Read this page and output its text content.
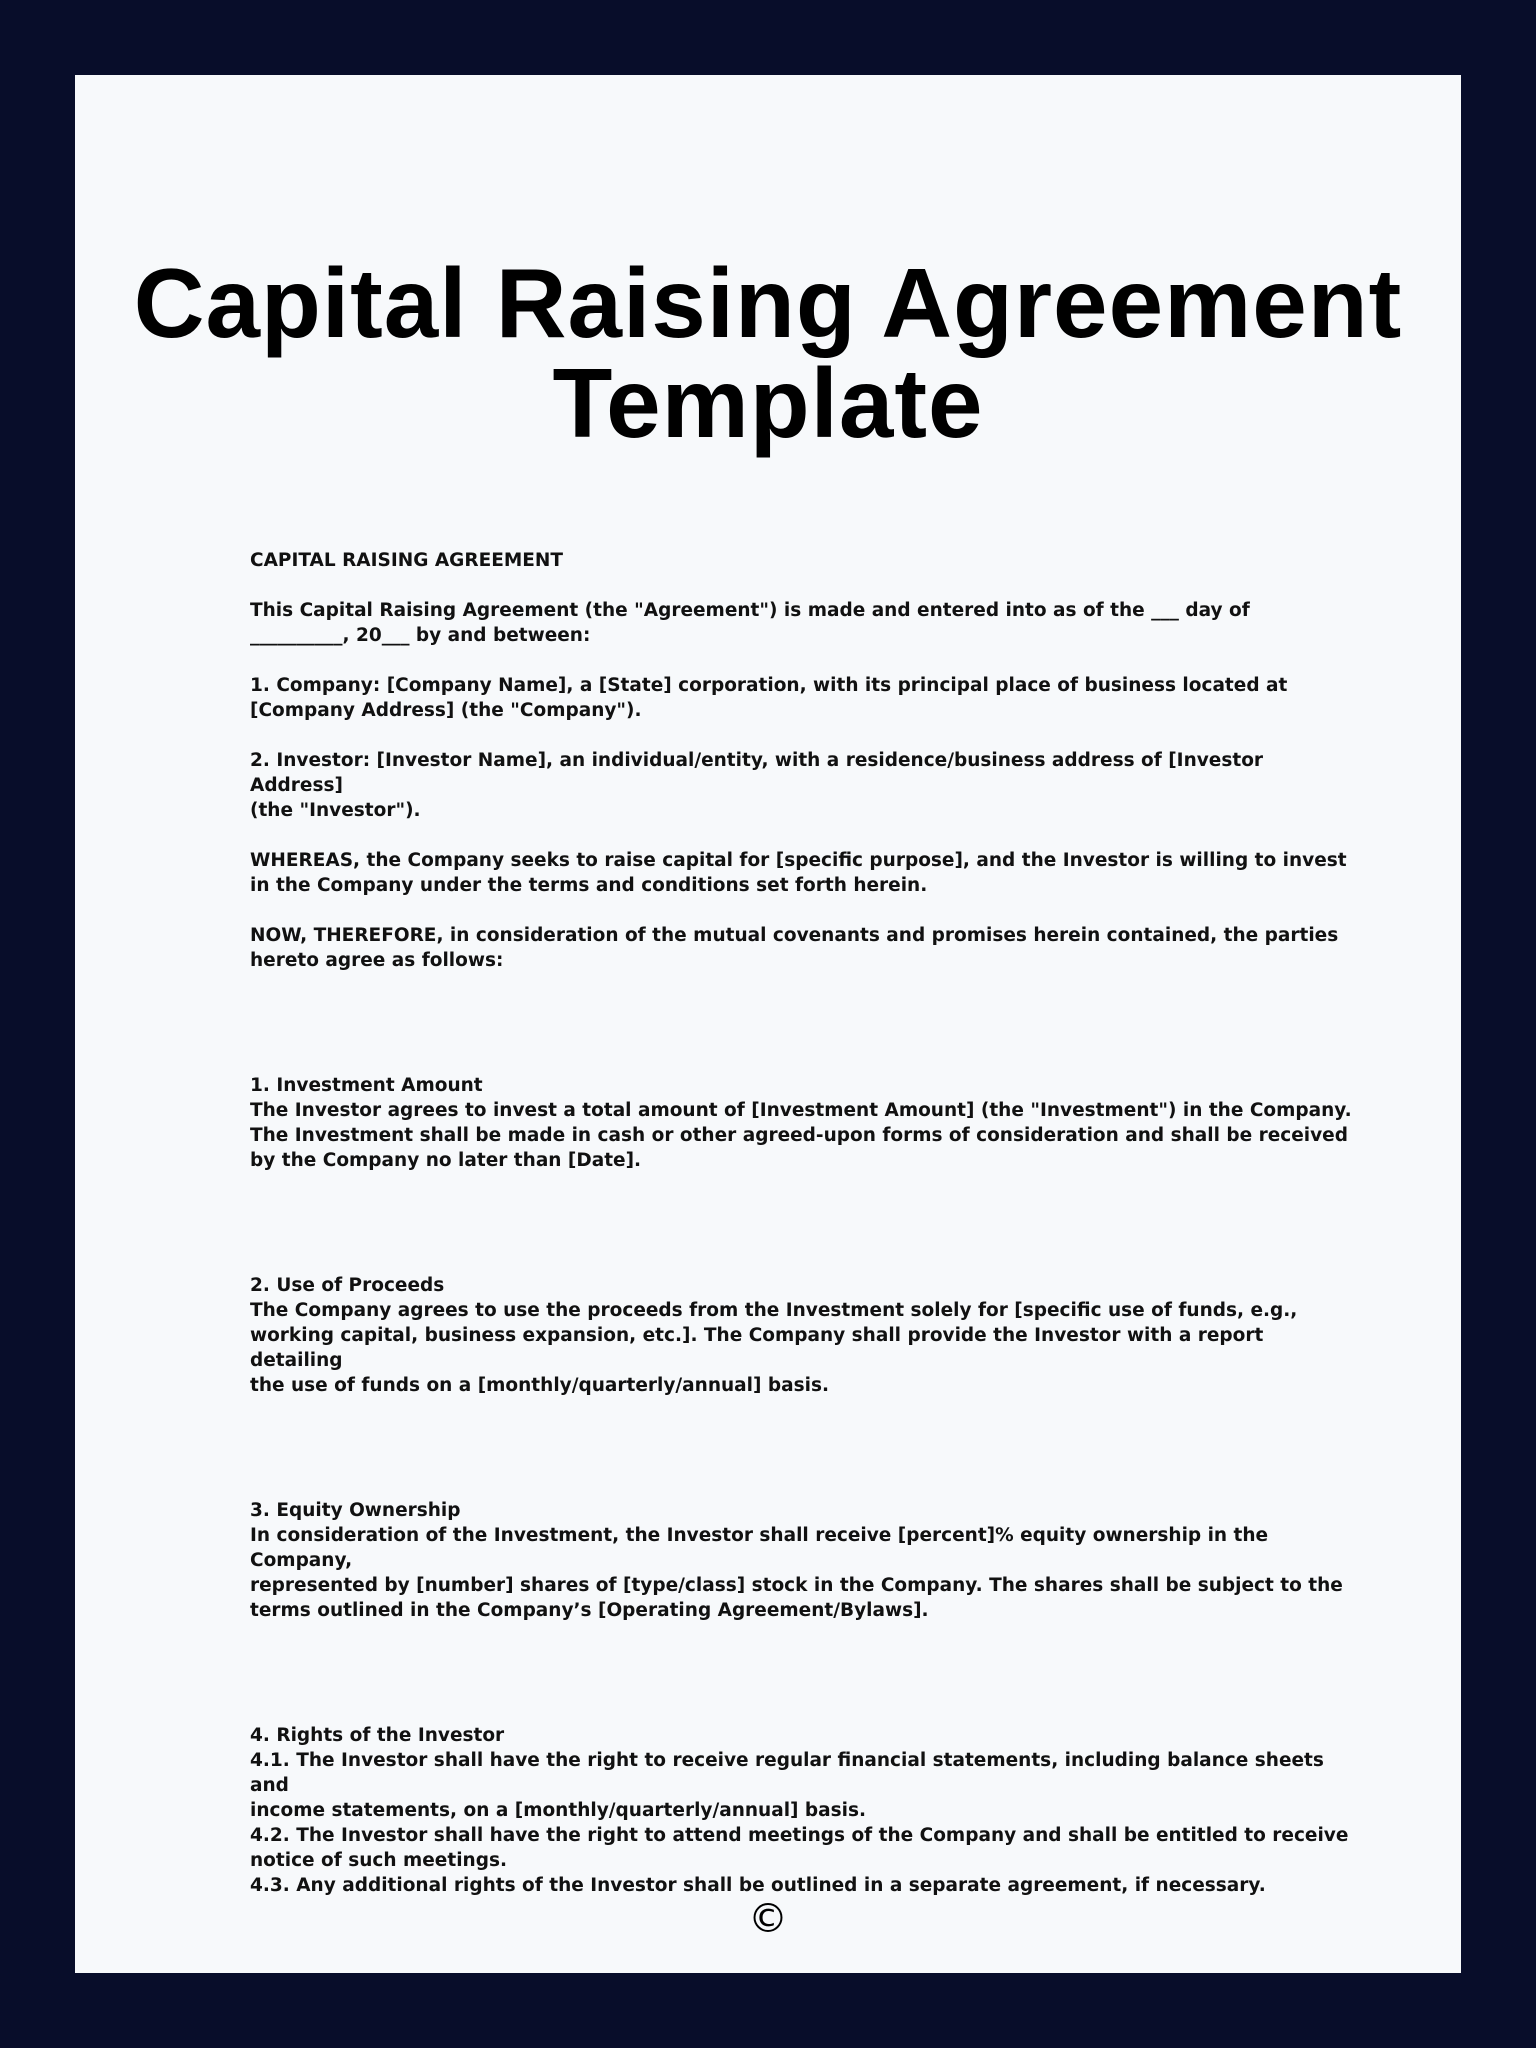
Capital Raising Agreement
Template

CAPITAL RAISING AGREEMENT

This Capital Raising Agreement (the "Agreement") is made and entered into as of the ___ day of
__________, 20___ by and between:

1. Company: [Company Name], a [State] corporation, with its principal place of business located at
[Company Address] (the "Company").

2. Investor: [Investor Name], an individual/entity, with a residence/business address of [Investor Address]
(the "Investor").

WHEREAS, the Company seeks to raise capital for [specific purpose], and the Investor is willing to invest
in the Company under the terms and conditions set forth herein.

NOW, THEREFORE, in consideration of the mutual covenants and promises herein contained, the parties
hereto agree as follows:

1. Investment Amount

The Investor agrees to invest a total amount of [Investment Amount] (the "Investment") in the Company.

The Investment shall be made in cash or other agreed-upon forms of consideration and shall be received

by the Company no later than [Date].

2. Use of Proceeds

The Company agrees to use the proceeds from the Investment solely for [specific use of funds, e.g.,

working capital, business expansion, etc.]. The Company shall provide the Investor with a report detailing

the use of funds on a [monthly/quarterly/annual] basis.

3. Equity Ownership

In consideration of the Investment, the Investor shall receive [percent]% equity ownership in the Company,

represented by [number] shares of [type/class] stock in the Company. The shares shall be subject to the

terms outlined in the Company’s [Operating Agreement/Bylaws].

4. Rights of the Investor

4.1. The Investor shall have the right to receive regular financial statements, including balance sheets and

income statements, on a [monthly/quarterly/annual] basis.

4.2. The Investor shall have the right to attend meetings of the Company and shall be entitled to receive

notice of such meetings.

4.3. Any additional rights of the Investor shall be outlined in a separate agreement, if necessary.

©
